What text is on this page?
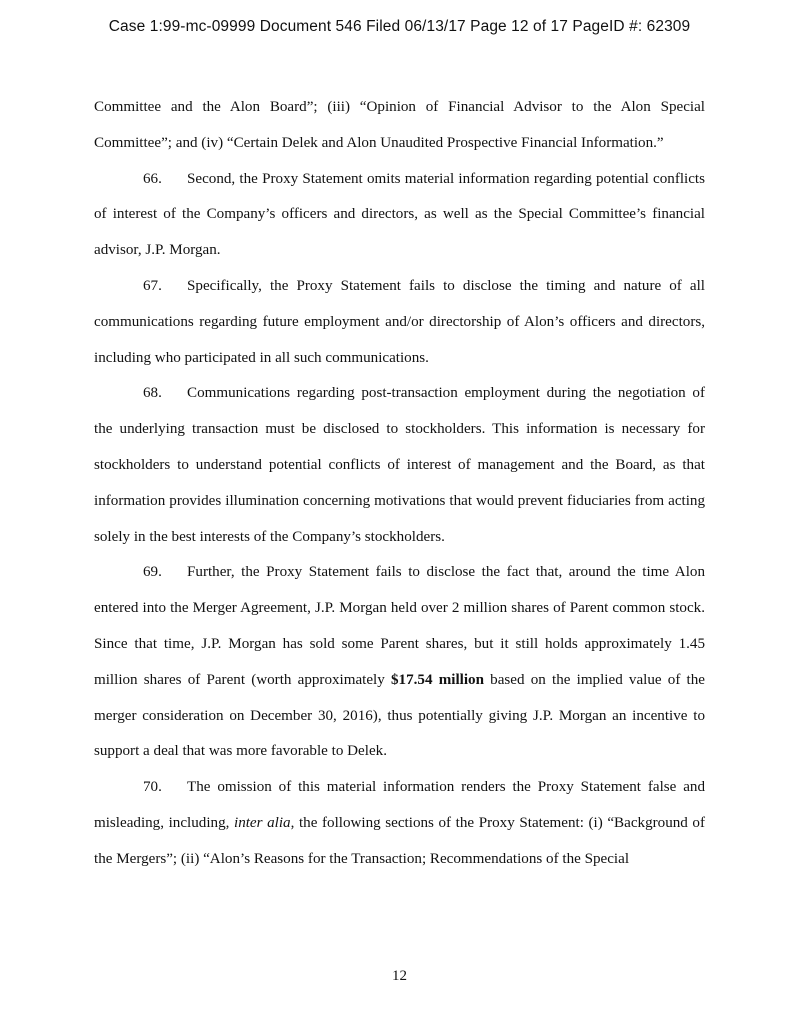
Case 1:99-mc-09999 Document 546 Filed 06/13/17 Page 12 of 17 PageID #: 62309

Committee and the Alon Board”; (iii) “Opinion of Financial Advisor to the Alon Special Committee”; and (iv) “Certain Delek and Alon Unaudited Prospective Financial Information.”

66. Second, the Proxy Statement omits material information regarding potential conflicts of interest of the Company’s officers and directors, as well as the Special Committee’s financial advisor, J.P. Morgan.

67. Specifically, the Proxy Statement fails to disclose the timing and nature of all communications regarding future employment and/or directorship of Alon’s officers and directors, including who participated in all such communications.

68. Communications regarding post-transaction employment during the negotiation of the underlying transaction must be disclosed to stockholders. This information is necessary for stockholders to understand potential conflicts of interest of management and the Board, as that information provides illumination concerning motivations that would prevent fiduciaries from acting solely in the best interests of the Company’s stockholders.

69. Further, the Proxy Statement fails to disclose the fact that, around the time Alon entered into the Merger Agreement, J.P. Morgan held over 2 million shares of Parent common stock. Since that time, J.P. Morgan has sold some Parent shares, but it still holds approximately 1.45 million shares of Parent (worth approximately $17.54 million based on the implied value of the merger consideration on December 30, 2016), thus potentially giving J.P. Morgan an incentive to support a deal that was more favorable to Delek.

70. The omission of this material information renders the Proxy Statement false and misleading, including, inter alia, the following sections of the Proxy Statement: (i) “Background of the Mergers”; (ii) “Alon’s Reasons for the Transaction; Recommendations of the Special

12
